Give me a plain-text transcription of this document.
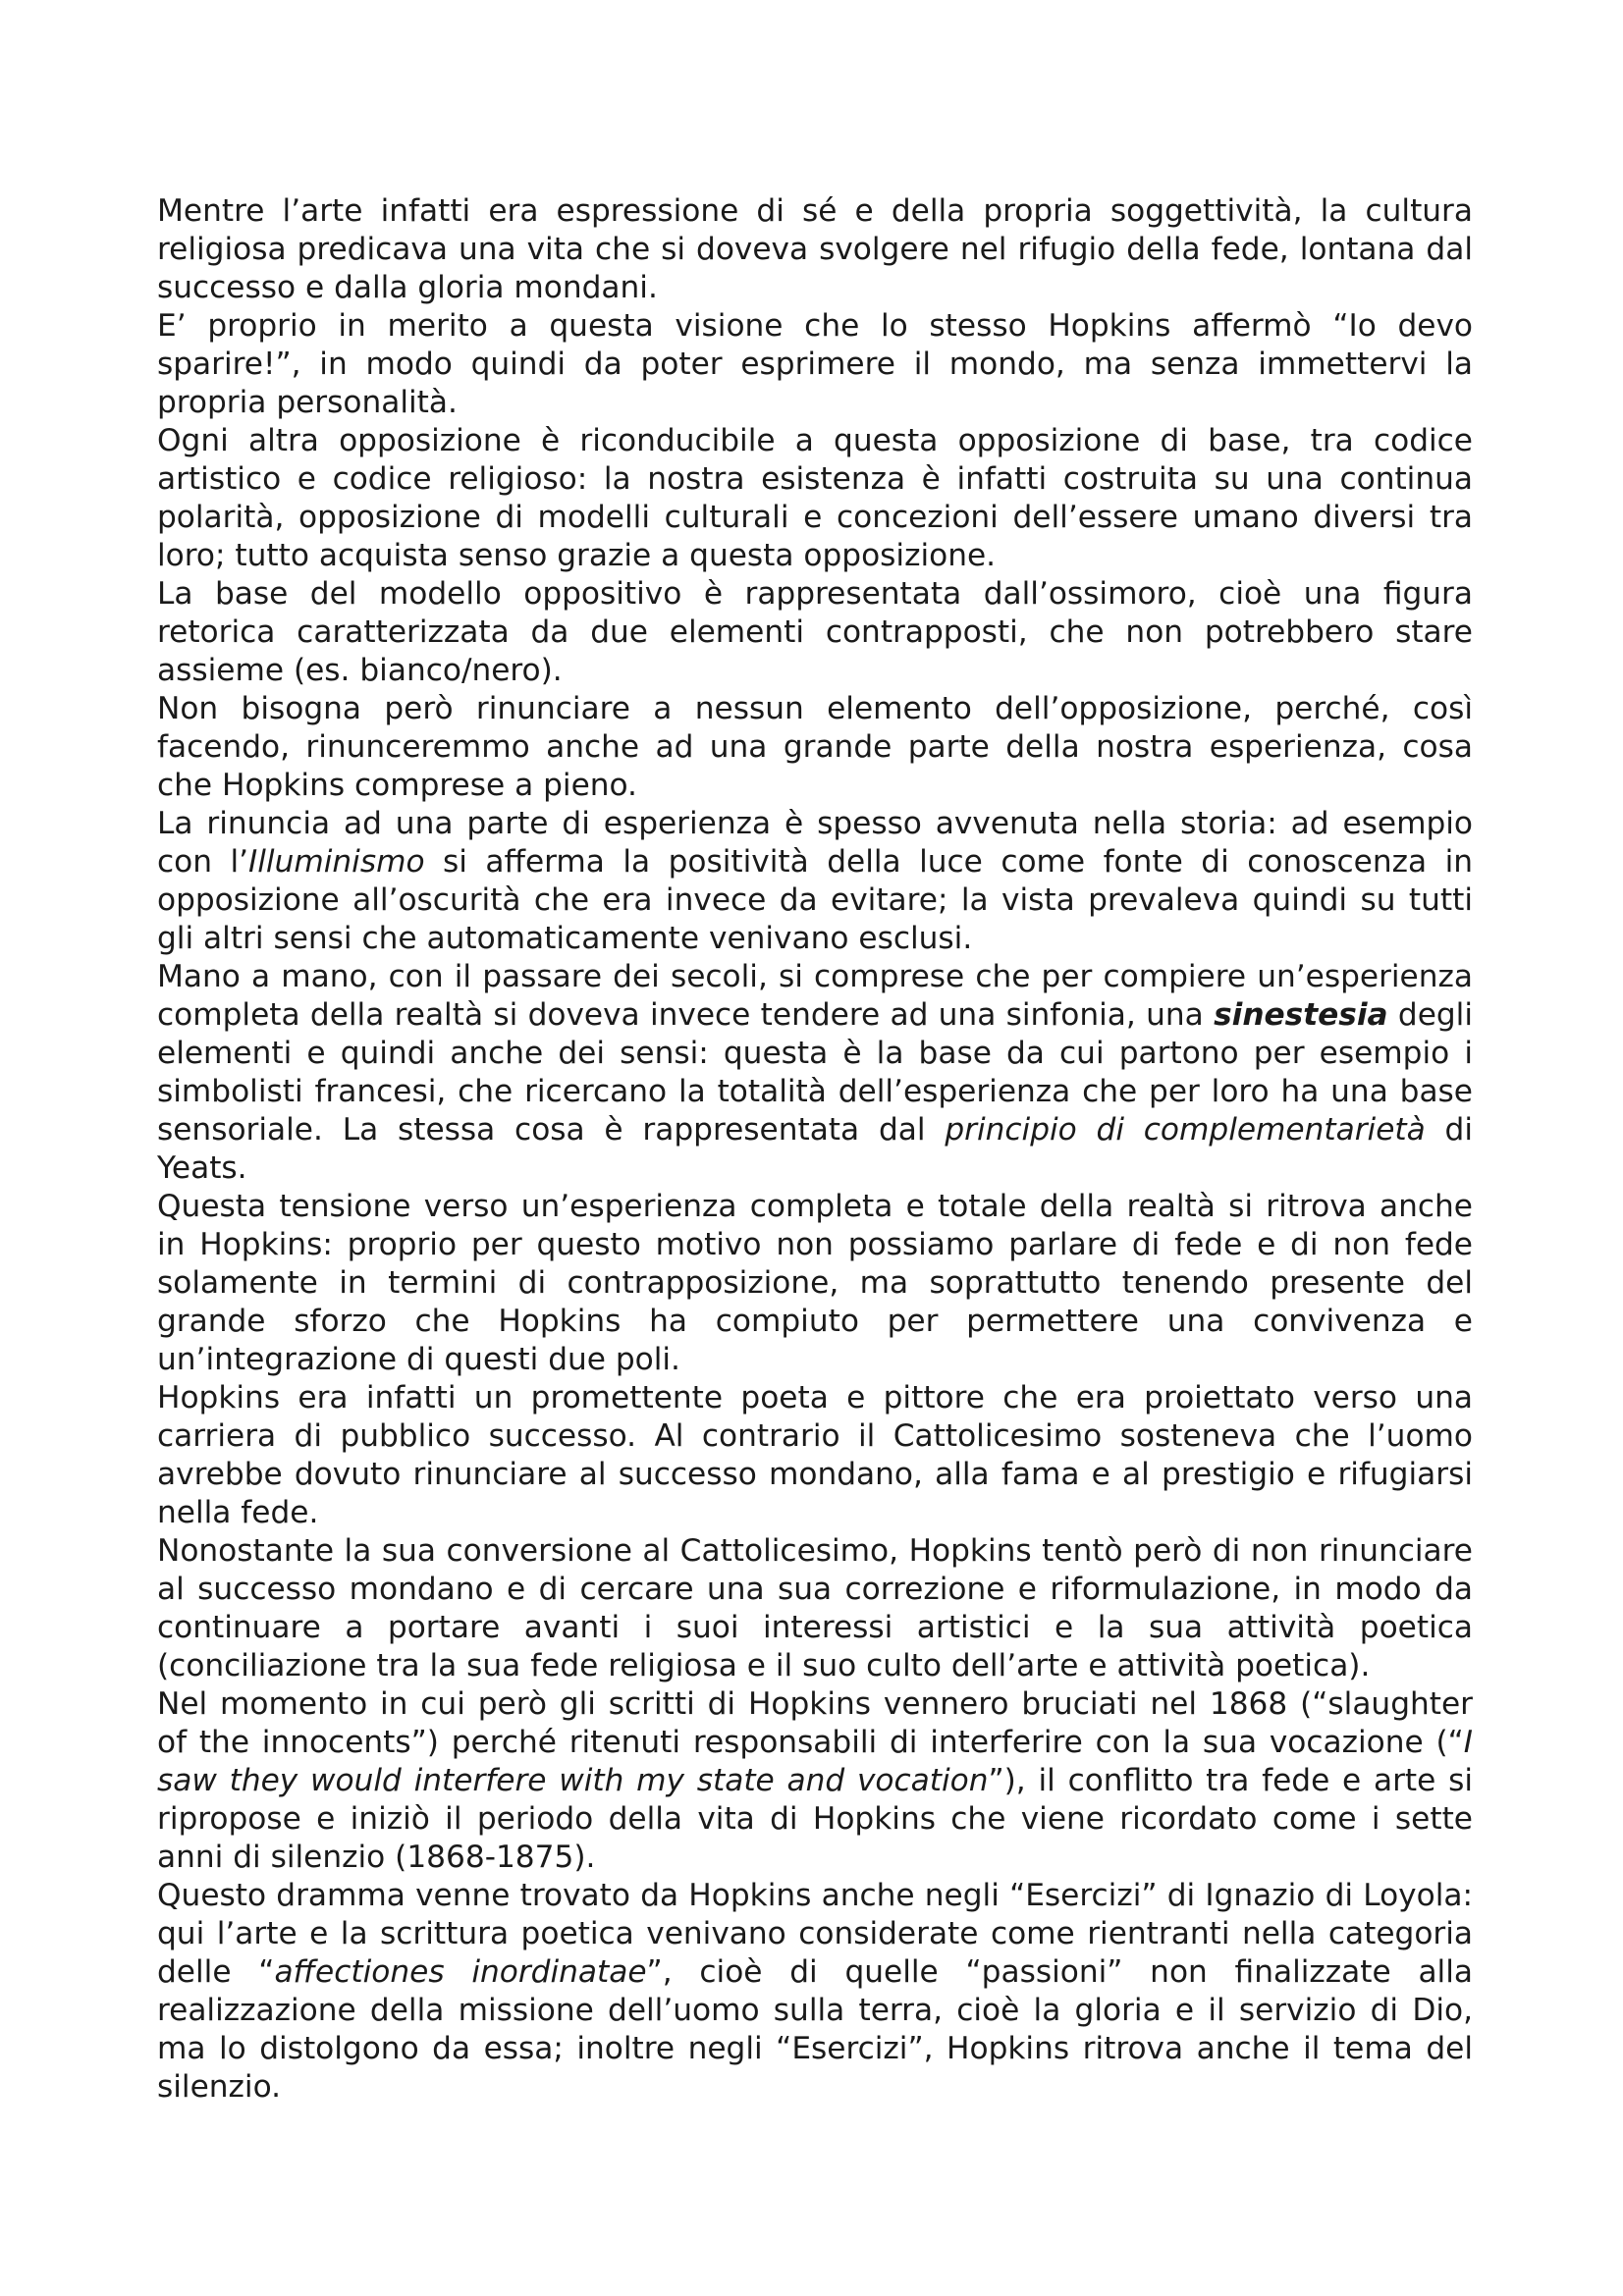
Mentre l’arte infatti era espressione di sé e della propria soggettività, la cultura religiosa predicava una vita che si doveva svolgere nel rifugio della fede, lontana dal successo e dalla gloria mondani.

E’ proprio in merito a questa visione che lo stesso Hopkins affermò “Io devo sparire!”, in modo quindi da poter esprimere il mondo, ma senza immettervi la propria personalità.

Ogni altra opposizione è riconducibile a questa opposizione di base, tra codice artistico e codice religioso: la nostra esistenza è infatti costruita su una continua polarità, opposizione di modelli culturali e concezioni dell’essere umano diversi tra loro; tutto acquista senso grazie a questa opposizione.

La base del modello oppositivo è rappresentata dall’ossimoro, cioè una figura retorica caratterizzata da due elementi contrapposti, che non potrebbero stare assieme (es. bianco/nero).

Non bisogna però rinunciare a nessun elemento dell’opposizione, perché, così facendo, rinunceremmo anche ad una grande parte della nostra esperienza, cosa che Hopkins comprese a pieno.

La rinuncia ad una parte di esperienza è spesso avvenuta nella storia: ad esempio con l’Illuminismo si afferma la positività della luce come fonte di conoscenza in opposizione all’oscurità che era invece da evitare; la vista prevaleva quindi su tutti gli altri sensi che automaticamente venivano esclusi.

Mano a mano, con il passare dei secoli, si comprese che per compiere un’esperienza completa della realtà si doveva invece tendere ad una sinfonia, una sinestesia degli elementi e quindi anche dei sensi: questa è la base da cui partono per esempio i simbolisti francesi, che ricercano la totalità dell’esperienza che per loro ha una base sensoriale. La stessa cosa è rappresentata dal principio di complementarietà di Yeats.

Questa tensione verso un’esperienza completa e totale della realtà si ritrova anche in Hopkins: proprio per questo motivo non possiamo parlare di fede e di non fede solamente in termini di contrapposizione, ma soprattutto tenendo presente del grande sforzo che Hopkins ha compiuto per permettere una convivenza e un’integrazione di questi due poli.

Hopkins era infatti un promettente poeta e pittore che era proiettato verso una carriera di pubblico successo. Al contrario il Cattolicesimo sosteneva che l’uomo avrebbe dovuto rinunciare al successo mondano, alla fama e al prestigio e rifugiarsi nella fede.

Nonostante la sua conversione al Cattolicesimo, Hopkins tentò però di non rinunciare al successo mondano e di cercare una sua correzione e riformulazione, in modo da continuare a portare avanti i suoi interessi artistici e la sua attività poetica (conciliazione tra la sua fede religiosa e il suo culto dell’arte e attività poetica).

Nel momento in cui però gli scritti di Hopkins vennero bruciati nel 1868 (“slaughter of the innocents”) perché ritenuti responsabili di interferire con la sua vocazione (“I saw they would interfere with my state and vocation”), il conflitto tra fede e arte si ripropose e iniziò il periodo della vita di Hopkins che viene ricordato come i sette anni di silenzio (1868-1875).

Questo dramma venne trovato da Hopkins anche negli “Esercizi” di Ignazio di Loyola: qui l’arte e la scrittura poetica venivano considerate come rientranti nella categoria delle “affectiones inordinatae”, cioè di quelle “passioni” non finalizzate alla realizzazione della missione dell’uomo sulla terra, cioè la gloria e il servizio di Dio, ma lo distolgono da essa; inoltre negli “Esercizi”, Hopkins ritrova anche il tema del silenzio.
